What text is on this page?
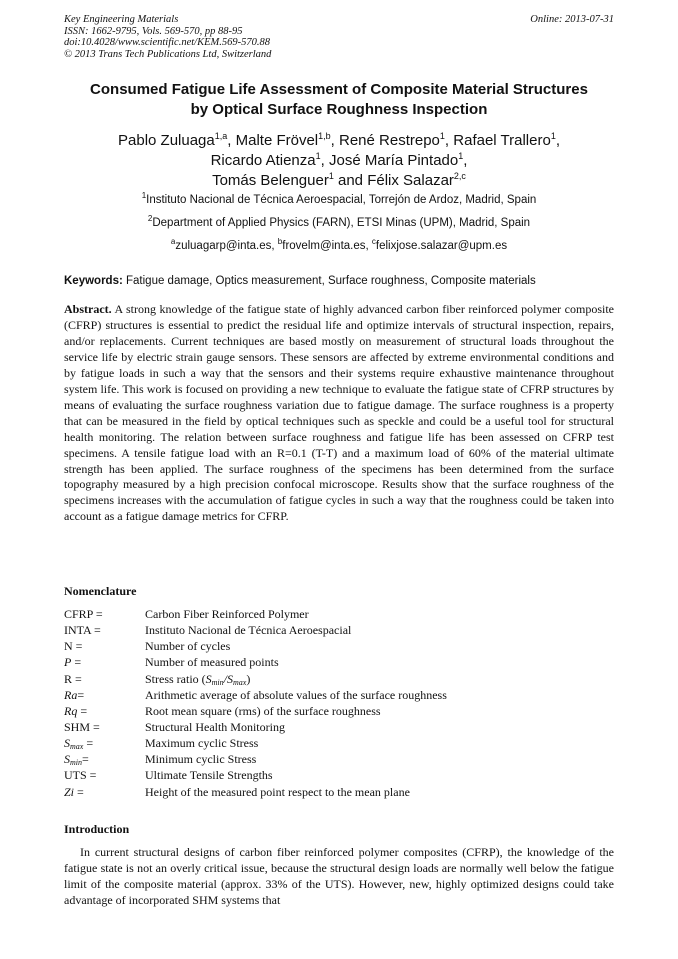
Key Engineering Materials
ISSN: 1662-9795, Vols. 569-570, pp 88-95
doi:10.4028/www.scientific.net/KEM.569-570.88
© 2013 Trans Tech Publications Ltd, Switzerland
Online: 2013-07-31
Consumed Fatigue Life Assessment of Composite Material Structures
by Optical Surface Roughness Inspection
Pablo Zuluaga$^{1,a}$, Malte Frövel$^{1,b}$, René Restrepo$^1$, Rafael Trallero$^1$,
Ricardo Atienza$^1$, José María Pintado$^1$,
Tomás Belenguer$^1$ and Félix Salazar$^{2,c}$
$^1$Instituto Nacional de Técnica Aeroespacial, Torrejón de Ardoz, Madrid, Spain
$^2$Department of Applied Physics (FARN), ETSI Minas (UPM), Madrid, Spain
$^a$zuluagarp@inta.es, $^b$frovelm@inta.es, $^c$felixjose.salazar@upm.es
Keywords: Fatigue damage, Optics measurement, Surface roughness, Composite materials

Abstract. A strong knowledge of the fatigue state of highly advanced carbon fiber reinforced polymer composite (CFRP) structures is essential to predict the residual life and optimize intervals of structural inspection, repairs, and/or replacements. Current techniques are based mostly on measurement of structural loads throughout the service life by electric strain gauge sensors. These sensors are affected by extreme environmental conditions and by fatigue loads in such a way that the sensors and their systems require exhaustive maintenance throughout system life. This work is focused on providing a new technique to evaluate the fatigue state of CFRP structures by means of evaluating the surface roughness variation due to fatigue damage. The surface roughness is a property that can be measured in the field by optical techniques such as speckle and could be a useful tool for structural health monitoring. The relation between surface roughness and fatigue life has been assessed on CFRP test specimens. A tensile fatigue load with an R=0.1 (T-T) and a maximum load of 60% of the material ultimate strength has been applied. The surface roughness of the specimens has been determined from the surface topography measured by a high precision confocal microscope. Results show that the surface roughness of the specimens increases with the accumulation of fatigue cycles in such a way that the roughness could be taken into account as a fatigue damage metrics for CFRP.

Nomenclature
CFRP =	Carbon Fiber Reinforced Polymer
INTA =	Instituto Nacional de Técnica Aeroespacial
N =	Number of cycles
P =	Number of measured points
R =	Stress ratio $(S_{min}/S_{max})$
Ra=	Arithmetic average of absolute values of the surface roughness
Rq =	Root mean square (rms) of the surface roughness
SHM =	Structural Health Monitoring
$S_{max}$ =	Maximum cyclic Stress
$S_{min}=$	Minimum cyclic Stress
UTS =	Ultimate Tensile Strengths
Zi =	Height of the measured point respect to the mean plane
Introduction

In current structural designs of carbon fiber reinforced polymer composites (CFRP), the knowledge of the fatigue state is not an overly critical issue, because the structural design loads are normally well below the fatigue limit of the composite material (approx. 33% of the UTS). However, new, highly optimized designs could take advantage of incorporated SHM systems that
